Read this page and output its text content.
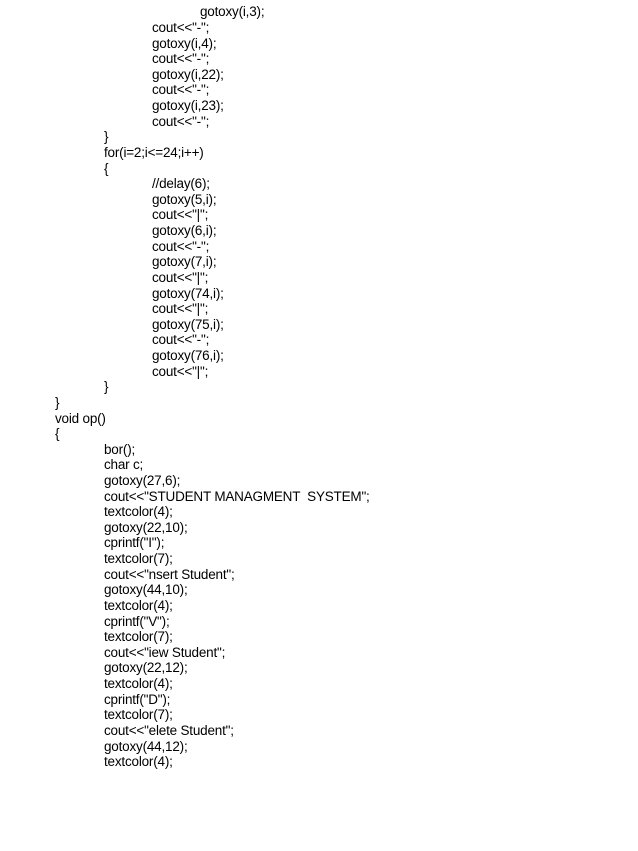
gotoxy(i,3);
cout<<"-";
gotoxy(i,4);
cout<<"-";
gotoxy(i,22);
cout<<"-";
gotoxy(i,23);
cout<<"-";
}
for(i=2;i<=24;i++)
{
//delay(6);
gotoxy(5,i);
cout<<"|";
gotoxy(6,i);
cout<<"-";
gotoxy(7,i);
cout<<"|";
gotoxy(74,i);
cout<<"|";
gotoxy(75,i);
cout<<"-";
gotoxy(76,i);
cout<<"|";
}
}
void op()
{
bor();
char c;
gotoxy(27,6);
cout<<"STUDENT MANAGMENT  SYSTEM";
textcolor(4);
gotoxy(22,10);
cprintf("I");
textcolor(7);
cout<<"nsert Student";
gotoxy(44,10);
textcolor(4);
cprintf("V");
textcolor(7);
cout<<"iew Student";
gotoxy(22,12);
textcolor(4);
cprintf("D");
textcolor(7);
cout<<"elete Student";
gotoxy(44,12);
textcolor(4);
